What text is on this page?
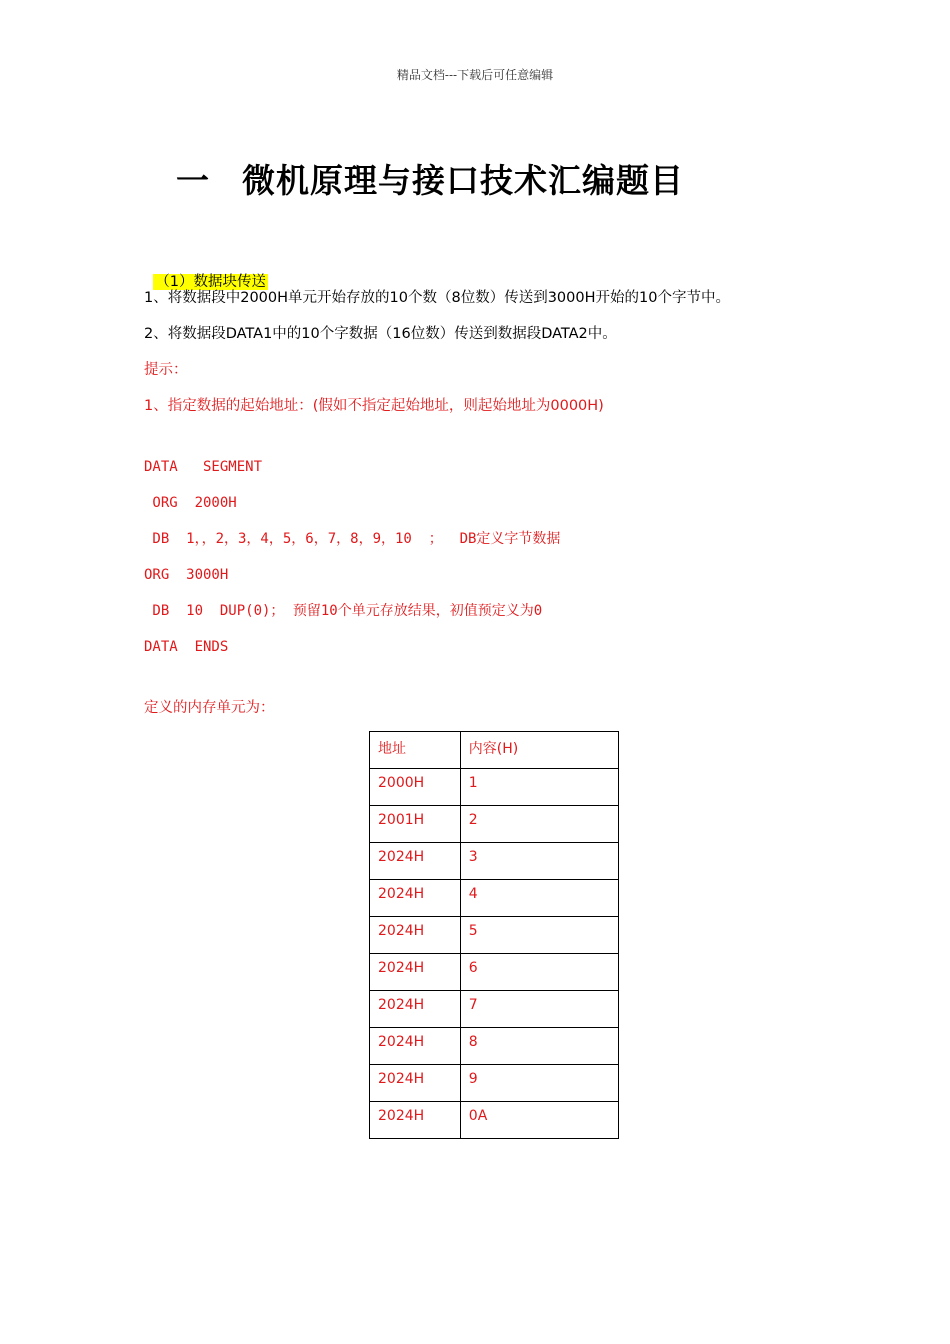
精品文档---下载后可任意编辑
一 微机原理与接口技术汇编题目

（1）数据块传送

1、将数据段中2000H单元开始存放的10个数（8位数）传送到3000H开始的10个字节中。
2、将数据段DATA1中的10个字数据（16位数）传送到数据段DATA2中。
提示：
1、指定数据的起始地址：(假如不指定起始地址，则起始地址为0000H)
DATA   SEGMENT
ORG  2000H
DB  1，，2，3，4，5，6，7，8，9，10  ；  DB定义字节数据
ORG  3000H
DB  10  DUP(0)； 预留10个单元存放结果，初值预定义为0
DATA  ENDS
定义的内存单元为：
地址	内容(H)
2000H	1
2001H	2
2024H	3
2024H	4
2024H	5
2024H	6
2024H	7
2024H	8
2024H	9
2024H	0A
